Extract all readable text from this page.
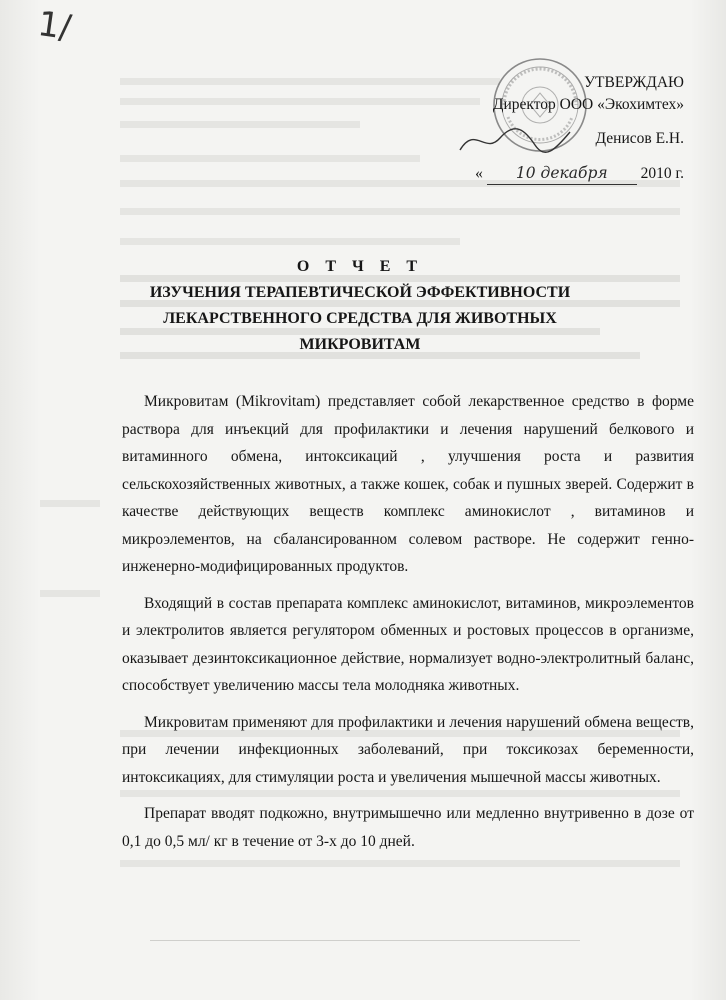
1/
УТВЕРЖДАЮ
Директор ООО «Экохимтех»
Денисов Е.Н.
« 10 декабря 2010 г.
О Т Ч Е Т
ИЗУЧЕНИЯ ТЕРАПЕВТИЧЕСКОЙ ЭФФЕКТИВНОСТИ
ЛЕКАРСТВЕННОГО СРЕДСТВА ДЛЯ ЖИВОТНЫХ
МИКРОВИТАМ

Микровитам (Mikrovitam) представляет собой лекарственное средство в форме раствора для инъекций для профилактики и лечения нарушений белкового и витаминного обмена, интоксикаций , улучшения роста и развития сельскохозяйственных животных, а также кошек, собак и пушных зверей. Содержит в качестве действующих веществ комплекс аминокислот , витаминов и микроэлементов, на сбалансированном солевом растворе. Не содержит генно-инженерно-модифицированных продуктов.

Входящий в состав препарата комплекс аминокислот, витаминов, микроэлементов и электролитов является регулятором обменных и ростовых процессов в организме, оказывает дезинтоксикационное действие, нормализует водно-электролитный баланс, способствует увеличению массы тела молодняка животных.

Микровитам применяют для профилактики и лечения нарушений обмена веществ, при лечении инфекционных заболеваний, при токсикозах беременности, интоксикациях, для стимуляции роста и увеличения мышечной массы животных.

Препарат вводят подкожно, внутримышечно или медленно внутривенно в дозе от 0,1 до 0,5 мл/ кг в течение от 3-х до 10 дней.
